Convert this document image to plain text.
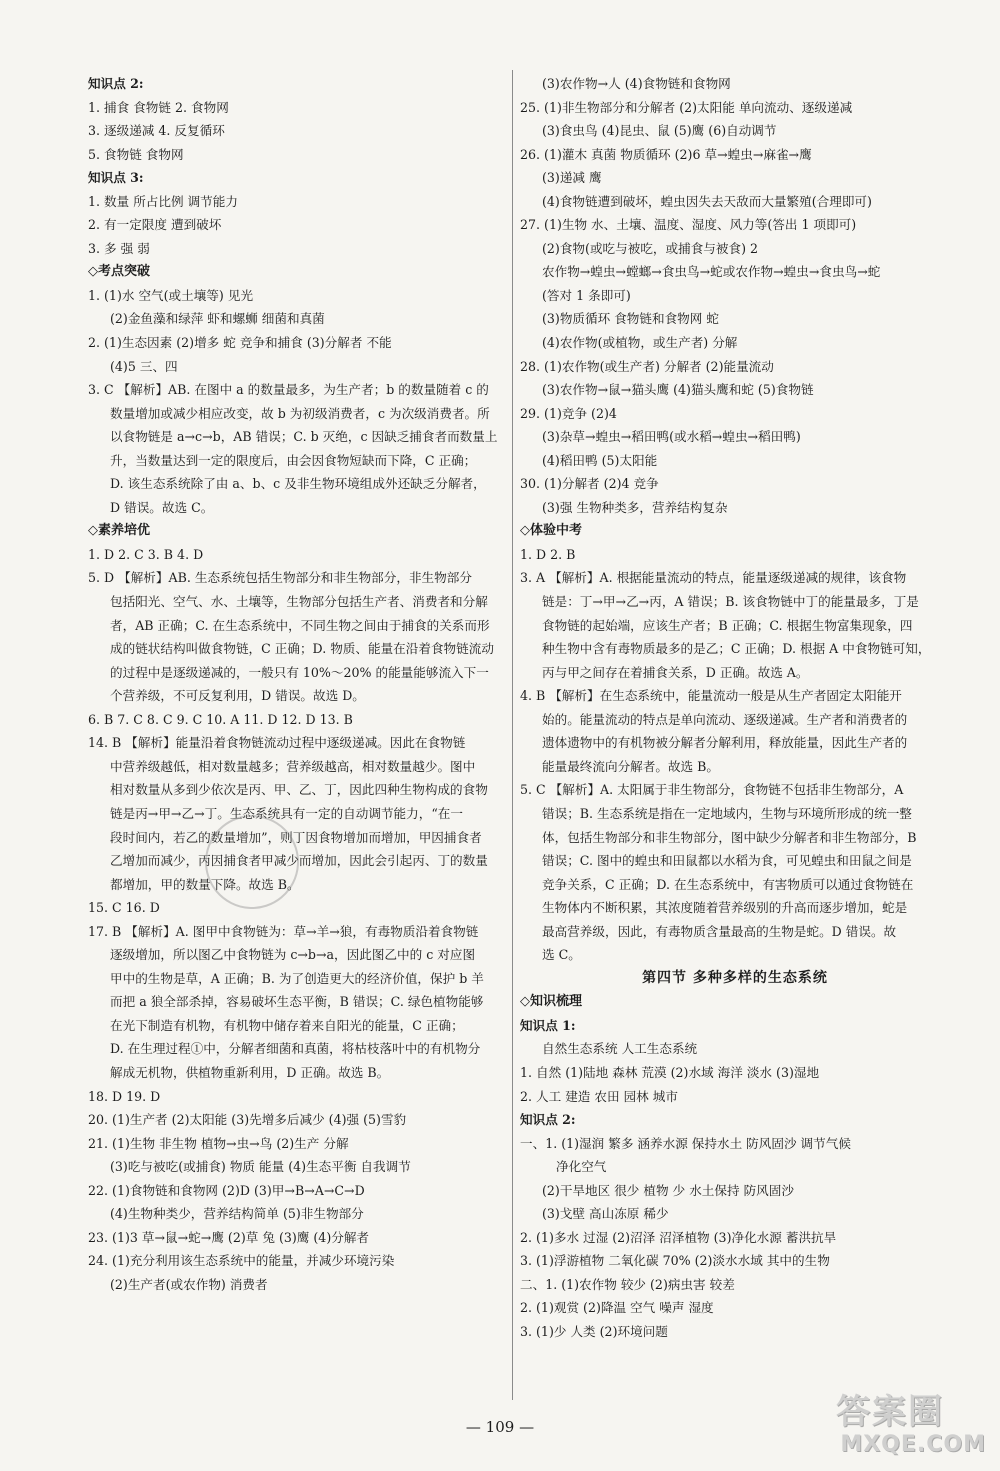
知识点 2:
1. 捕食 食物链 2. 食物网
3. 逐级递减 4. 反复循环
5. 食物链 食物网
知识点 3:
1. 数量 所占比例 调节能力
2. 有一定限度 遭到破坏
3. 多 强 弱
◇考点突破
1. (1)水 空气(或土壤等) 见光
(2)金鱼藻和绿萍 虾和螺蛳 细菌和真菌
2. (1)生态因素 (2)增多 蛇 竞争和捕食 (3)分解者 不能
(4)5 三、四
3. C 【解析】AB. 在图中 a 的数量最多，为生产者；b 的数量随着 c 的
数量增加或减少相应改变，故 b 为初级消费者，c 为次级消费者。所
以食物链是 a→c→b，AB 错误；C. b 灭绝，c 因缺乏捕食者而数量上
升，当数量达到一定的限度后，由会因食物短缺而下降，C 正确；
D. 该生态系统除了由 a、b、c 及非生物环境组成外还缺乏分解者，
D 错误。故选 C。
◇素养培优
1. D 2. C 3. B 4. D
5. D 【解析】AB. 生态系统包括生物部分和非生物部分，非生物部分
包括阳光、空气、水、土壤等，生物部分包括生产者、消费者和分解
者，AB 正确；C. 在生态系统中，不同生物之间由于捕食的关系而形
成的链状结构叫做食物链，C 正确；D. 物质、能量在沿着食物链流动
的过程中是逐级递减的，一般只有 10%～20% 的能量能够流入下一
个营养级，不可反复利用，D 错误。故选 D。
6. B 7. C 8. C 9. C 10. A 11. D 12. D 13. B
14. B 【解析】能量沿着食物链流动过程中逐级递减。因此在食物链
中营养级越低，相对数量越多；营养级越高，相对数量越少。图中
相对数量从多到少依次是丙、甲、乙、丁，因此四种生物构成的食物
链是丙→甲→乙→丁。生态系统具有一定的自动调节能力，“在一
段时间内，若乙的数量增加”，则丁因食物增加而增加，甲因捕食者
乙增加而减少，丙因捕食者甲减少而增加，因此会引起丙、丁的数量
都增加，甲的数量下降。故选 B。
15. C 16. D
17. B 【解析】A. 图甲中食物链为：草→羊→狼，有毒物质沿着食物链
逐级增加，所以图乙中食物链为 c→b→a，因此图乙中的 c 对应图
甲中的生物是草，A 正确；B. 为了创造更大的经济价值，保护 b 羊
而把 a 狼全部杀掉，容易破坏生态平衡，B 错误；C. 绿色植物能够
在光下制造有机物，有机物中储存着来自阳光的能量，C 正确；
D. 在生理过程①中，分解者细菌和真菌，将枯枝落叶中的有机物分
解成无机物，供植物重新利用，D 正确。故选 B。
18. D 19. D
20. (1)生产者 (2)太阳能 (3)先增多后减少 (4)强 (5)雪豹
21. (1)生物 非生物 植物→虫→鸟 (2)生产 分解
(3)吃与被吃(或捕食) 物质 能量 (4)生态平衡 自我调节
22. (1)食物链和食物网 (2)D (3)甲→B→A→C→D
(4)生物种类少，营养结构简单 (5)非生物部分
23. (1)3 草→鼠→蛇→鹰 (2)草 兔 (3)鹰 (4)分解者
24. (1)充分利用该生态系统中的能量，并减少环境污染
(2)生产者(或农作物) 消费者
(3)农作物→人 (4)食物链和食物网
25. (1)非生物部分和分解者 (2)太阳能 单向流动、逐级递减
(3)食虫鸟 (4)昆虫、鼠 (5)鹰 (6)自动调节
26. (1)灌木 真菌 物质循环 (2)6 草→蝗虫→麻雀→鹰
(3)递减 鹰
(4)食物链遭到破坏，蝗虫因失去天敌而大量繁殖(合理即可)
27. (1)生物 水、土壤、温度、湿度、风力等(答出 1 项即可)
(2)食物(或吃与被吃，或捕食与被食) 2
农作物→蝗虫→螳螂→食虫鸟→蛇或农作物→蝗虫→食虫鸟→蛇
(答对 1 条即可)
(3)物质循环 食物链和食物网 蛇
(4)农作物(或植物，或生产者) 分解
28. (1)农作物(或生产者) 分解者 (2)能量流动
(3)农作物→鼠→猫头鹰 (4)猫头鹰和蛇 (5)食物链
29. (1)竞争 (2)4
(3)杂草→蝗虫→稻田鸭(或水稻→蝗虫→稻田鸭)
(4)稻田鸭 (5)太阳能
30. (1)分解者 (2)4 竞争
(3)强 生物种类多，营养结构复杂
◇体验中考
1. D 2. B
3. A 【解析】A. 根据能量流动的特点，能量逐级递减的规律，该食物
链是：丁→甲→乙→丙，A 错误；B. 该食物链中丁的能量最多，丁是
食物链的起始端，应该生产者；B 正确；C. 根据生物富集现象，四
种生物中含有毒物质最多的是乙；C 正确；D. 根据 A 中食物链可知，
丙与甲之间存在着捕食关系，D 正确。故选 A。
4. B 【解析】在生态系统中，能量流动一般是从生产者固定太阳能开
始的。能量流动的特点是单向流动、逐级递减。生产者和消费者的
遗体遗物中的有机物被分解者分解利用，释放能量，因此生产者的
能量最终流向分解者。故选 B。
5. C 【解析】A. 太阳属于非生物部分，食物链不包括非生物部分，A
错误；B. 生态系统是指在一定地域内，生物与环境所形成的统一整
体，包括生物部分和非生物部分，图中缺少分解者和非生物部分，B
错误；C. 图中的蝗虫和田鼠都以水稻为食，可见蝗虫和田鼠之间是
竞争关系，C 正确；D. 在生态系统中，有害物质可以通过食物链在
生物体内不断积累，其浓度随着营养级别的升高而逐步增加，蛇是
最高营养级，因此，有毒物质含量最高的生物是蛇。D 错误。故
选 C。
第四节 多种多样的生态系统
◇知识梳理
知识点 1:
自然生态系统 人工生态系统
1. 自然 (1)陆地 森林 荒漠 (2)水域 海洋 淡水 (3)湿地
2. 人工 建造 农田 园林 城市
知识点 2:
一、1. (1)湿润 繁多 涵养水源 保持水土 防风固沙 调节气候
净化空气
(2)干旱地区 很少 植物 少 水土保持 防风固沙
(3)戈壁 高山冻原 稀少
2. (1)多水 过湿 (2)沼泽 沼泽植物 (3)净化水源 蓄洪抗旱
3. (1)浮游植物 二氧化碳 70% (2)淡水水域 其中的生物
二、1. (1)农作物 较少 (2)病虫害 较差
2. (1)观赏 (2)降温 空气 噪声 湿度
3. (1)少 人类 (2)环境问题
— 109 —	答案圈
MXQE.COM
